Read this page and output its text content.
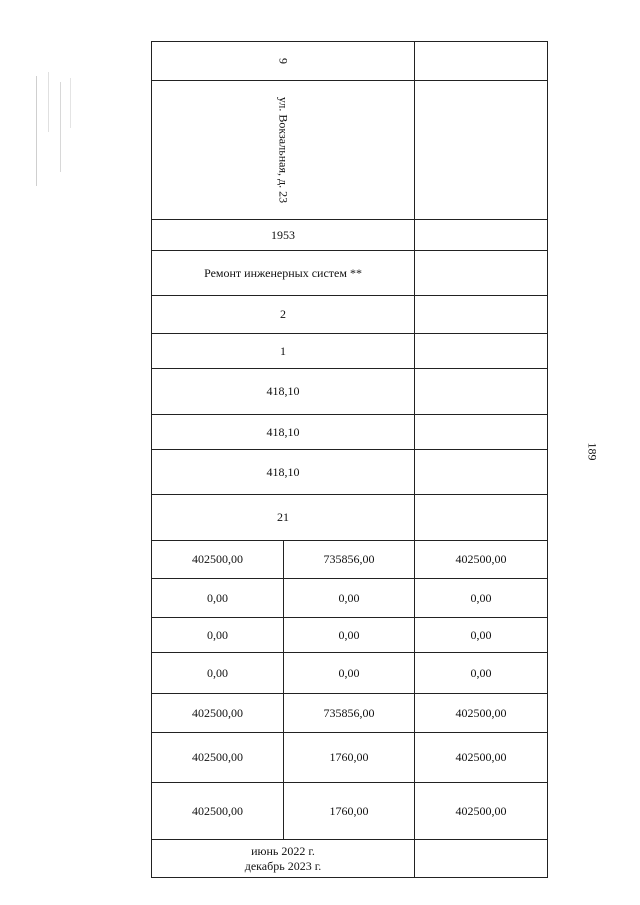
9		

ул. Вокзальная, д. 23		

1953		
Ремонт инженерных систем **		
2		
1		
418,10		
418,10		
418,10		
21		
402500,00	735856,00	402500,00
0,00	0,00	0,00
0,00	0,00	0,00
0,00	0,00	0,00
402500,00	735856,00	402500,00
402500,00	1760,00	402500,00
402500,00	1760,00	402500,00

июнь 2022 г.
декабрь 2023 г.		

189
